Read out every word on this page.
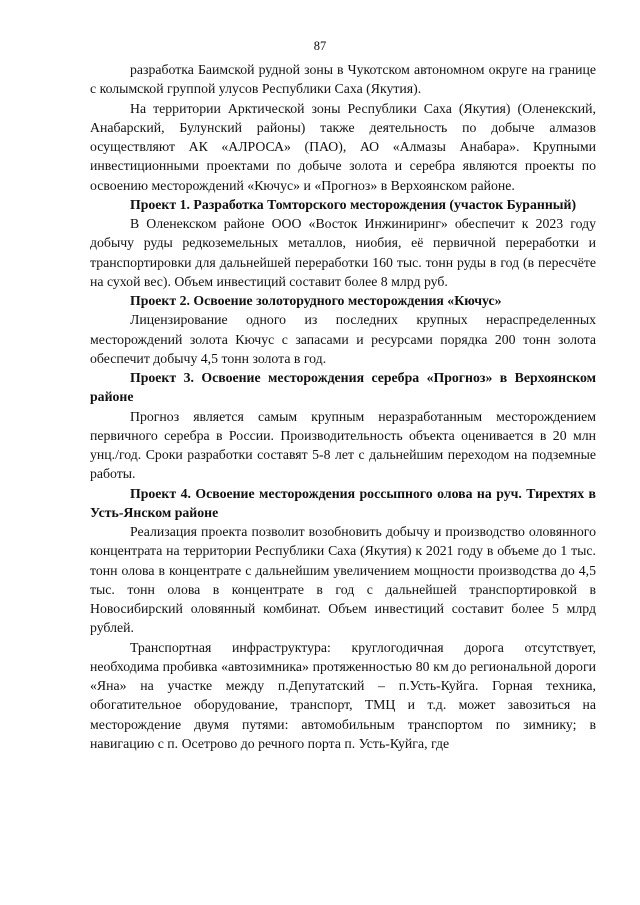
87

разработка Баимской рудной зоны в Чукотском автономном округе на границе с колымской группой улусов Республики Саха (Якутия).

На территории Арктической зоны Республики Саха (Якутия) (Оленекский, Анабарский, Булунский районы) также деятельность по добыче алмазов осуществляют АК «АЛРОСА» (ПАО), АО «Алмазы Анабара». Крупными инвестиционными проектами по добыче золота и серебра являются проекты по освоению месторождений «Кючус» и «Прогноз» в Верхоянском районе.

Проект 1. Разработка Томторского месторождения (участок Буранный)

В Оленекском районе ООО «Восток Инжиниринг» обеспечит к 2023 году добычу руды редкоземельных металлов, ниобия, её первичной переработки и транспортировки для дальнейшей переработки 160 тыс. тонн руды в год (в пересчёте на сухой вес). Объем инвестиций составит более 8 млрд руб.

Проект 2. Освоение золоторудного месторождения «Кючус»

Лицензирование одного из последних крупных нераспределенных месторождений золота Кючус с запасами и ресурсами порядка 200 тонн золота обеспечит добычу 4,5 тонн золота в год.

Проект 3. Освоение месторождения серебра «Прогноз» в Верхоянском районе

Прогноз является самым крупным неразработанным месторождением первичного серебра в России. Производительность объекта оценивается в 20 млн унц./год. Сроки разработки составят 5-8 лет с дальнейшим переходом на подземные работы.

Проект 4. Освоение месторождения россыпного олова на руч. Тирехтях в Усть-Янском районе

Реализация проекта позволит возобновить добычу и производство оловянного концентрата на территории Республики Саха (Якутия) к 2021 году в объеме до 1 тыс. тонн олова в концентрате с дальнейшим увеличением мощности производства до 4,5 тыс. тонн олова в концентрате в год с дальнейшей транспортировкой в Новосибирский оловянный комбинат. Объем инвестиций составит более 5 млрд рублей.

Транспортная инфраструктура: круглогодичная дорога отсутствует, необходима пробивка «автозимника» протяженностью 80 км до региональной дороги «Яна» на участке между п.Депутатский – п.Усть-Куйга. Горная техника, обогатительное оборудование, транспорт, ТМЦ и т.д. может завозиться на месторождение двумя путями: автомобильным транспортом по зимнику; в навигацию с п. Осетрово до речного порта п. Усть-Куйга, где
